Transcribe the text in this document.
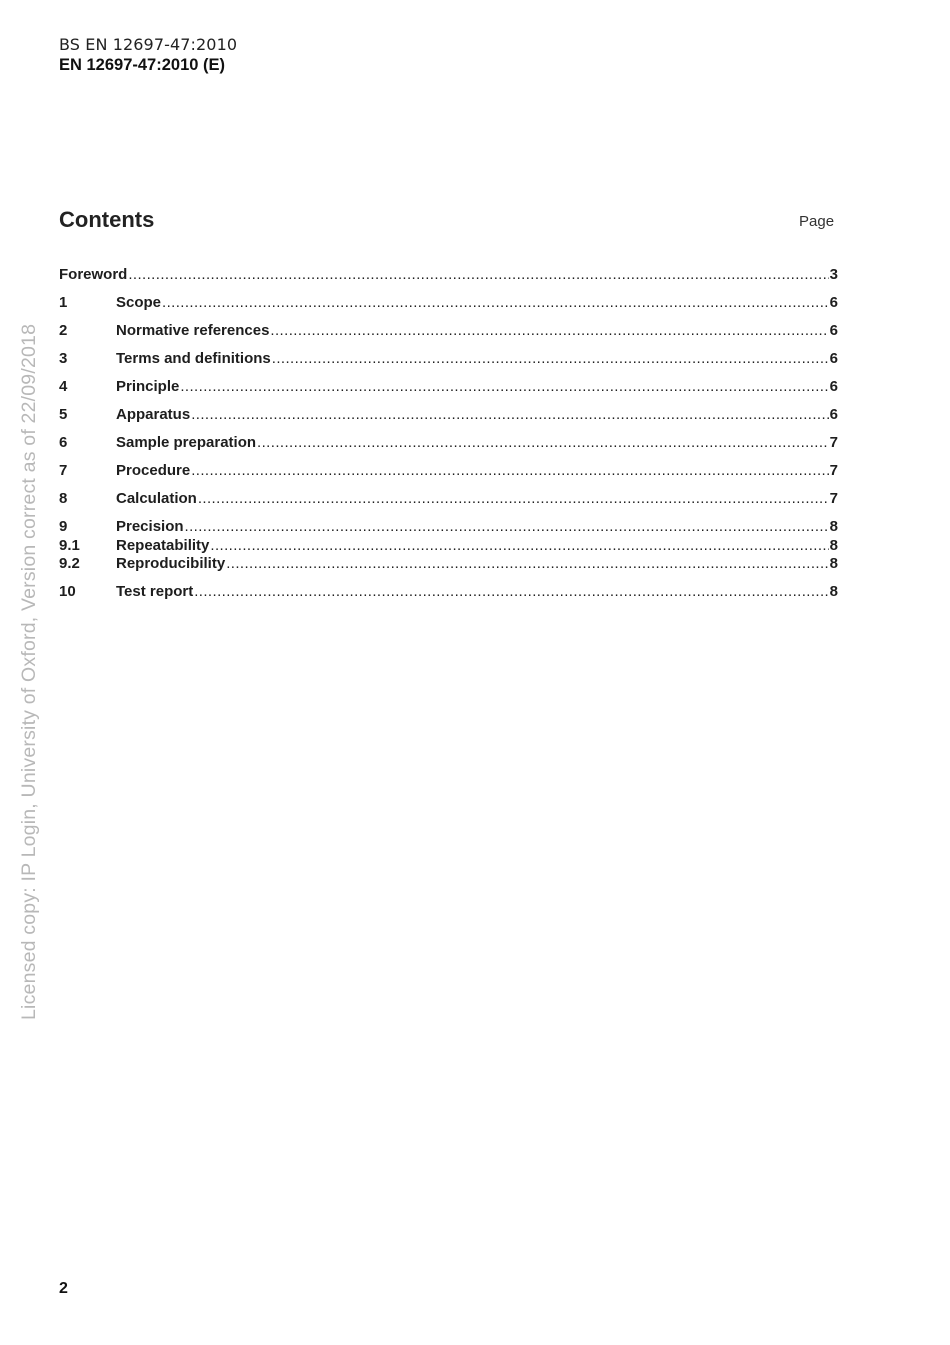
BS EN 12697-47:2010
EN 12697-47:2010 (E)
Contents	Page
Foreword .....	3
1	Scope .....	6
2	Normative references .....	6
3	Terms and definitions .....	6
4	Principle .....	6
5	Apparatus .....	6
6	Sample preparation .....	7
7	Procedure .....	7
8	Calculation .....	7
9	Precision .....	8
9.1	Repeatability .....	8
9.2	Reproducibility .....	8
10	Test report .....	8
Licensed copy: IP Login, University of Oxford, Version correct as of 22/09/2018
2
